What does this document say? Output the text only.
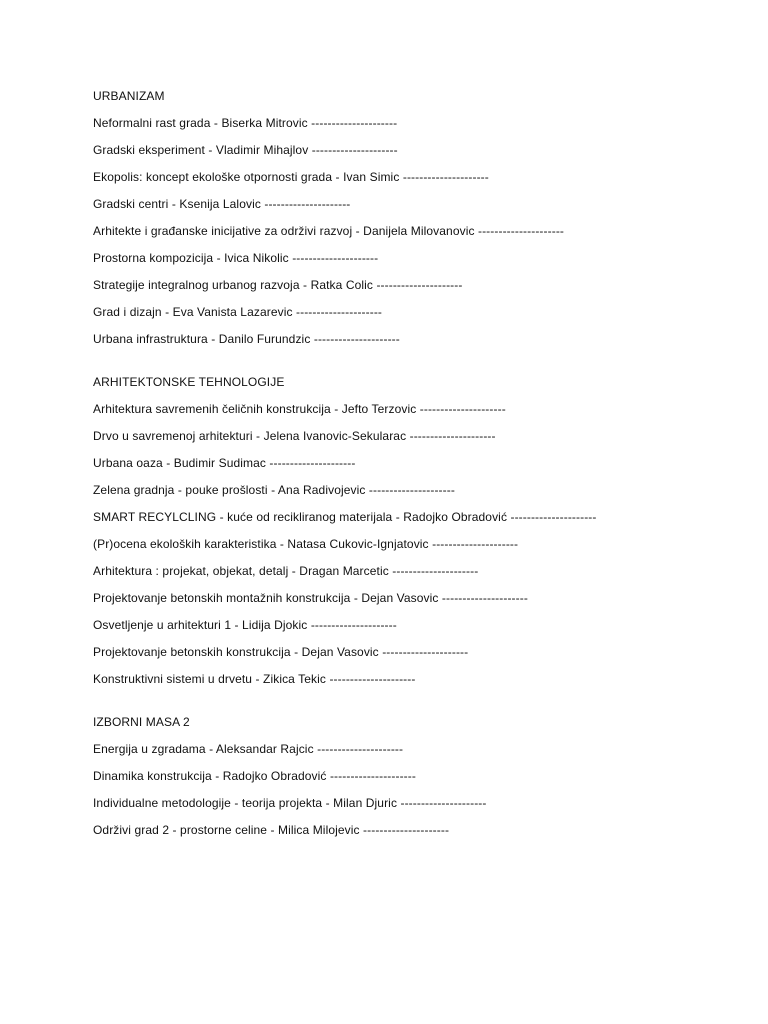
URBANIZAM
Neformalni rast grada - Biserka Mitrovic ---------------------
Gradski eksperiment - Vladimir Mihajlov ---------------------
Ekopolis: koncept ekološke otpornosti grada - Ivan Simic ---------------------
Gradski centri - Ksenija Lalovic ---------------------
Arhitekte i građanske inicijative za održivi razvoj - Danijela Milovanovic ---------------------
Prostorna kompozicija - Ivica Nikolic ---------------------
Strategije integralnog urbanog razvoja - Ratka Colic ---------------------
Grad i dizajn - Eva Vanista Lazarevic ---------------------
Urbana infrastruktura - Danilo Furundzic ---------------------
ARHITEKTONSKE TEHNOLOGIJE
Arhitektura savremenih čeličnih konstrukcija - Jefto Terzovic ---------------------
Drvo u savremenoj arhitekturi - Jelena Ivanovic-Sekularac ---------------------
Urbana oaza - Budimir Sudimac ---------------------
Zelena gradnja - pouke prošlosti - Ana Radivojevic ---------------------
SMART RECYLCLING - kuće od recikliranog materijala - Radojko Obradović ---------------------
(Pr)ocena ekoloških karakteristika - Natasa Cukovic-Ignjatovic ---------------------
Arhitektura : projekat, objekat, detalj - Dragan Marcetic ---------------------
Projektovanje betonskih montažnih konstrukcija - Dejan Vasovic ---------------------
Osvetljenje u arhitekturi 1 - Lidija Djokic ---------------------
Projektovanje betonskih konstrukcija - Dejan Vasovic ---------------------
Konstruktivni sistemi u drvetu - Zikica Tekic ---------------------
IZBORNI MASA 2
Energija u zgradama - Aleksandar Rajcic ---------------------
Dinamika konstrukcija - Radojko Obradović ---------------------
Individualne metodologije - teorija projekta - Milan Djuric ---------------------
Održivi grad 2 - prostorne celine - Milica Milojevic ---------------------
